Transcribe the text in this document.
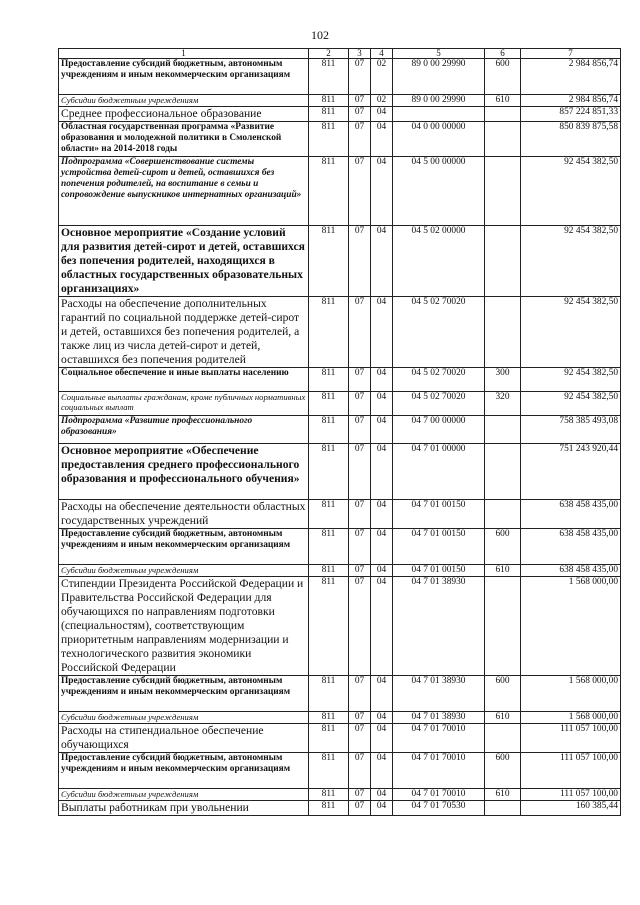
102
1	2	3	4	5	6	7
Предоставление субсидий бюджетным, автономным учреждениям и иным некоммерческим организациям	811	07	02	89 0 00 29990	600	2 984 856,74
Субсидии бюджетным учреждениям	811	07	02	89 0 00 29990	610	2 984 856,74
Среднее профессиональное образование	811	07	04			857 224 851,33
Областная государственная программа «Развитие образования и молодежной политики в Смоленской области» на 2014-2018 годы	811	07	04	04 0 00 00000		850 839 875,58
Подпрограмма «Совершенствование системы устройства детей-сирот и детей, оставшихся без попечения родителей, на воспитание в семьи и сопровождение выпускников интернатных организаций»	811	07	04	04 5 00 00000		92 454 382,50
Основное мероприятие «Создание условий для развития детей-сирот и детей, оставшихся без попечения родителей, находящихся в областных государственных образовательных организациях»	811	07	04	04 5 02 00000		92 454 382,50
Расходы на обеспечение дополнительных гарантий по социальной поддержке детей-сирот и детей, оставшихся без попечения родителей, а также лиц из числа детей-сирот и детей, оставшихся без попечения родителей	811	07	04	04 5 02 70020		92 454 382,50
Социальное обеспечение и иные выплаты населению	811	07	04	04 5 02 70020	300	92 454 382,50
Социальные выплаты гражданам, кроме публичных нормативных социальных выплат	811	07	04	04 5 02 70020	320	92 454 382,50
Подпрограмма «Развитие профессионального образования»	811	07	04	04 7 00 00000		758 385 493,08
Основное мероприятие «Обеспечение предоставления среднего профессионального образования и профессионального обучения»	811	07	04	04 7 01 00000		751 243 920,44
Расходы на обеспечение деятельности областных государственных учреждений	811	07	04	04 7 01 00150		638 458 435,00
Предоставление субсидий бюджетным, автономным учреждениям и иным некоммерческим организациям	811	07	04	04 7 01 00150	600	638 458 435,00
Субсидии бюджетным учреждениям	811	07	04	04 7 01 00150	610	638 458 435,00
Стипендии Президента Российской Федерации и Правительства Российской Федерации для обучающихся по направлениям подготовки (специальностям), соответствующим приоритетным направлениям модернизации и технологического развития экономики Российской Федерации	811	07	04	04 7 01 38930		1 568 000,00
Предоставление субсидий бюджетным, автономным учреждениям и иным некоммерческим организациям	811	07	04	04 7 01 38930	600	1 568 000,00
Субсидии бюджетным учреждениям	811	07	04	04 7 01 38930	610	1 568 000,00
Расходы на стипендиальное обеспечение обучающихся	811	07	04	04 7 01 70010		111 057 100,00
Предоставление субсидий бюджетным, автономным учреждениям и иным некоммерческим организациям	811	07	04	04 7 01 70010	600	111 057 100,00
Субсидии бюджетным учреждениям	811	07	04	04 7 01 70010	610	111 057 100,00
Выплаты работникам при увольнении	811	07	04	04 7 01 70530		160 385,44
